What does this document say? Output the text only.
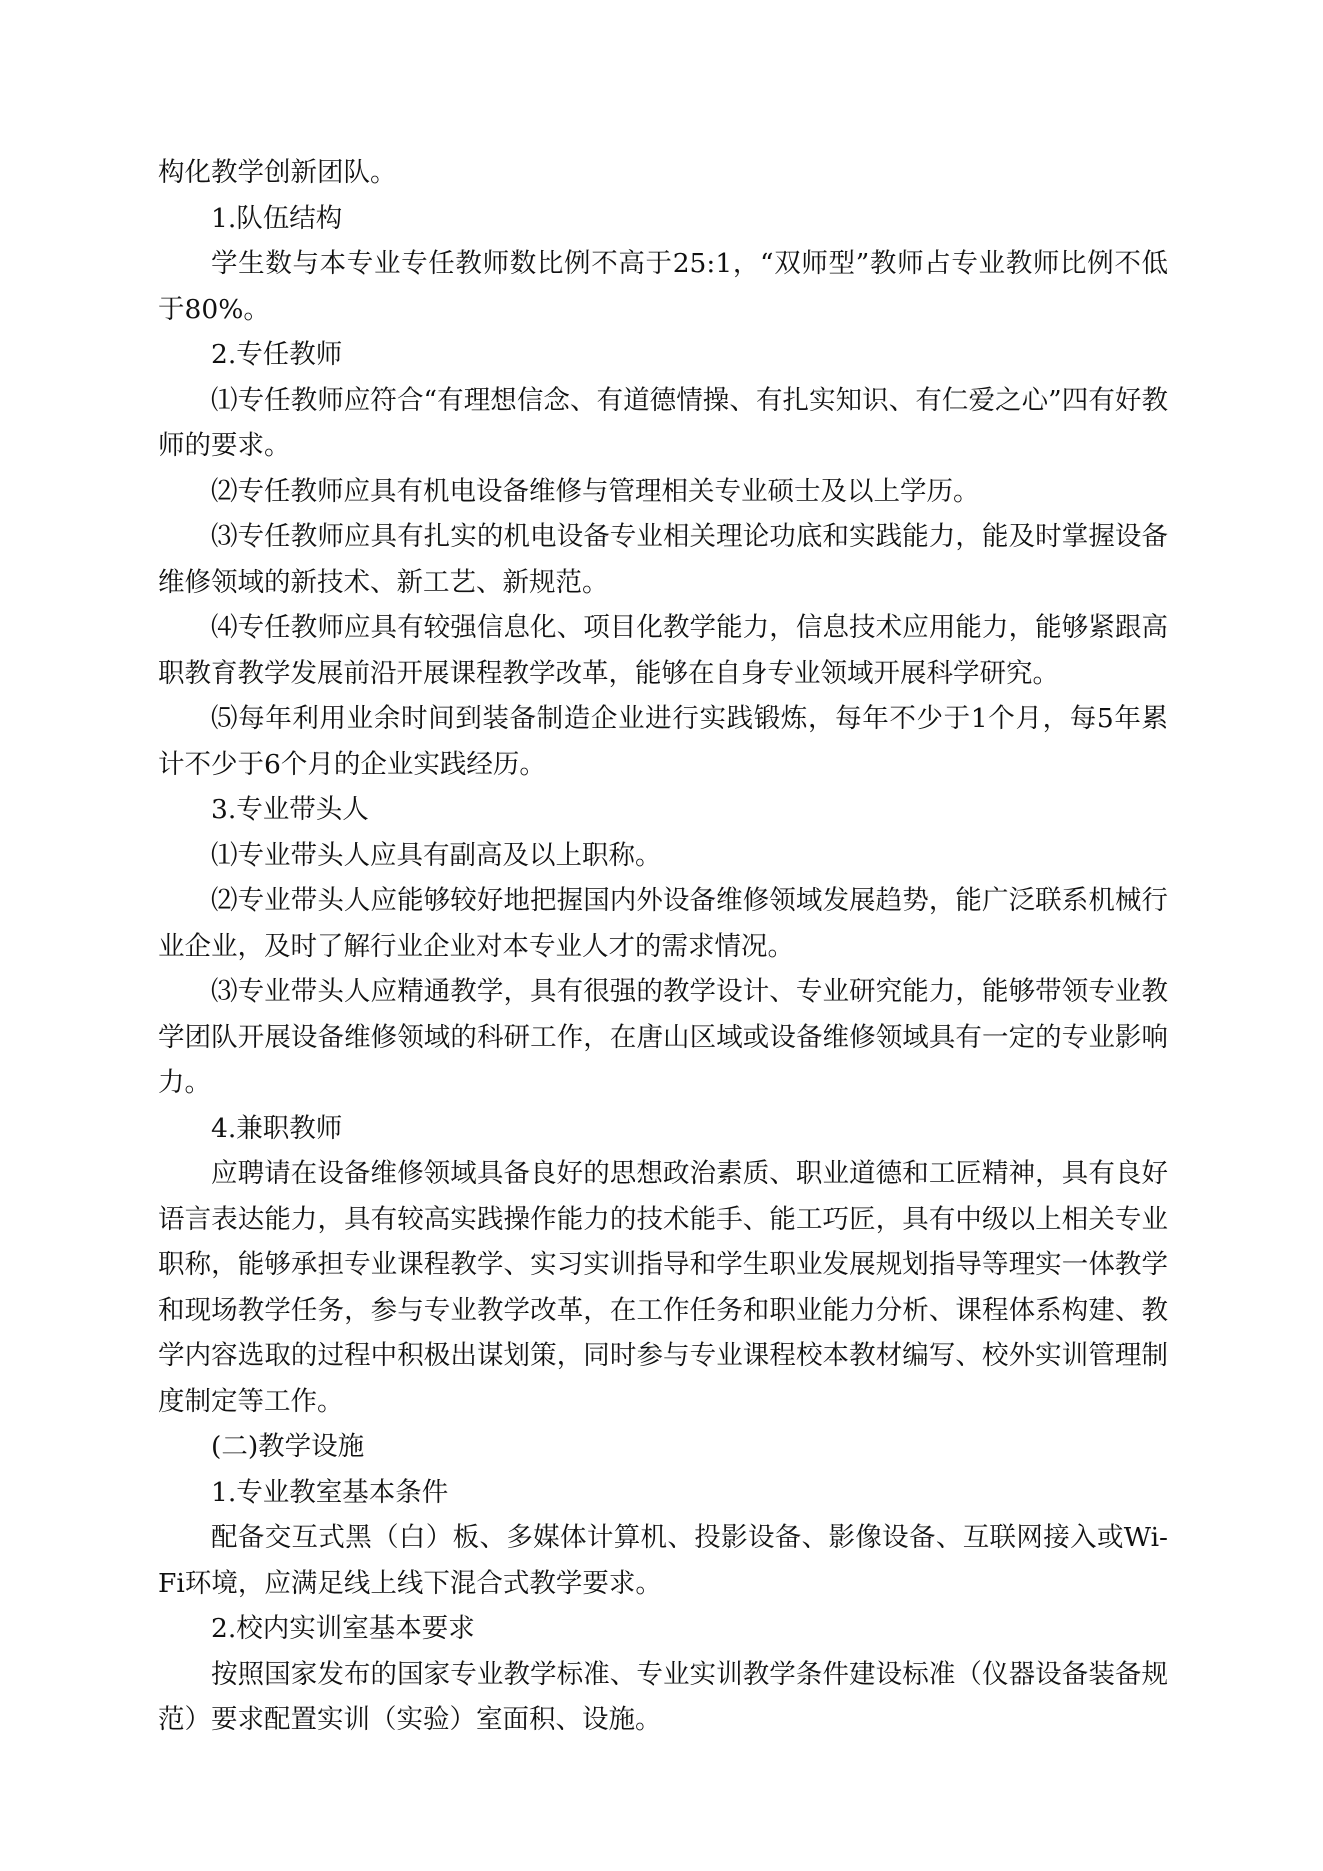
构化教学创新团队。

1.队伍结构

学生数与本专业专任教师数比例不高于25:1，“双师型”教师占专业教师比例不低于80%。

2.专任教师

⑴专任教师应符合“有理想信念、有道德情操、有扎实知识、有仁爱之心”四有好教师的要求。

⑵专任教师应具有机电设备维修与管理相关专业硕士及以上学历。

⑶专任教师应具有扎实的机电设备专业相关理论功底和实践能力，能及时掌握设备维修领域的新技术、新工艺、新规范。

⑷专任教师应具有较强信息化、项目化教学能力，信息技术应用能力，能够紧跟高职教育教学发展前沿开展课程教学改革，能够在自身专业领域开展科学研究。

⑸每年利用业余时间到装备制造企业进行实践锻炼，每年不少于1个月，每5年累计不少于6个月的企业实践经历。

3.专业带头人

⑴专业带头人应具有副高及以上职称。

⑵专业带头人应能够较好地把握国内外设备维修领域发展趋势，能广泛联系机械行业企业，及时了解行业企业对本专业人才的需求情况。

⑶专业带头人应精通教学，具有很强的教学设计、专业研究能力，能够带领专业教学团队开展设备维修领域的科研工作，在唐山区域或设备维修领域具有一定的专业影响力。

4.兼职教师

应聘请在设备维修领域具备良好的思想政治素质、职业道德和工匠精神，具有良好语言表达能力，具有较高实践操作能力的技术能手、能工巧匠，具有中级以上相关专业职称，能够承担专业课程教学、实习实训指导和学生职业发展规划指导等理实一体教学和现场教学任务，参与专业教学改革，在工作任务和职业能力分析、课程体系构建、教学内容选取的过程中积极出谋划策，同时参与专业课程校本教材编写、校外实训管理制度制定等工作。

(二)教学设施

1.专业教室基本条件

配备交互式黑（白）板、多媒体计算机、投影设备、影像设备、互联网接入或Wi-Fi环境，应满足线上线下混合式教学要求。

2.校内实训室基本要求

按照国家发布的国家专业教学标准、专业实训教学条件建设标准（仪器设备装备规范）要求配置实训（实验）室面积、设施。
